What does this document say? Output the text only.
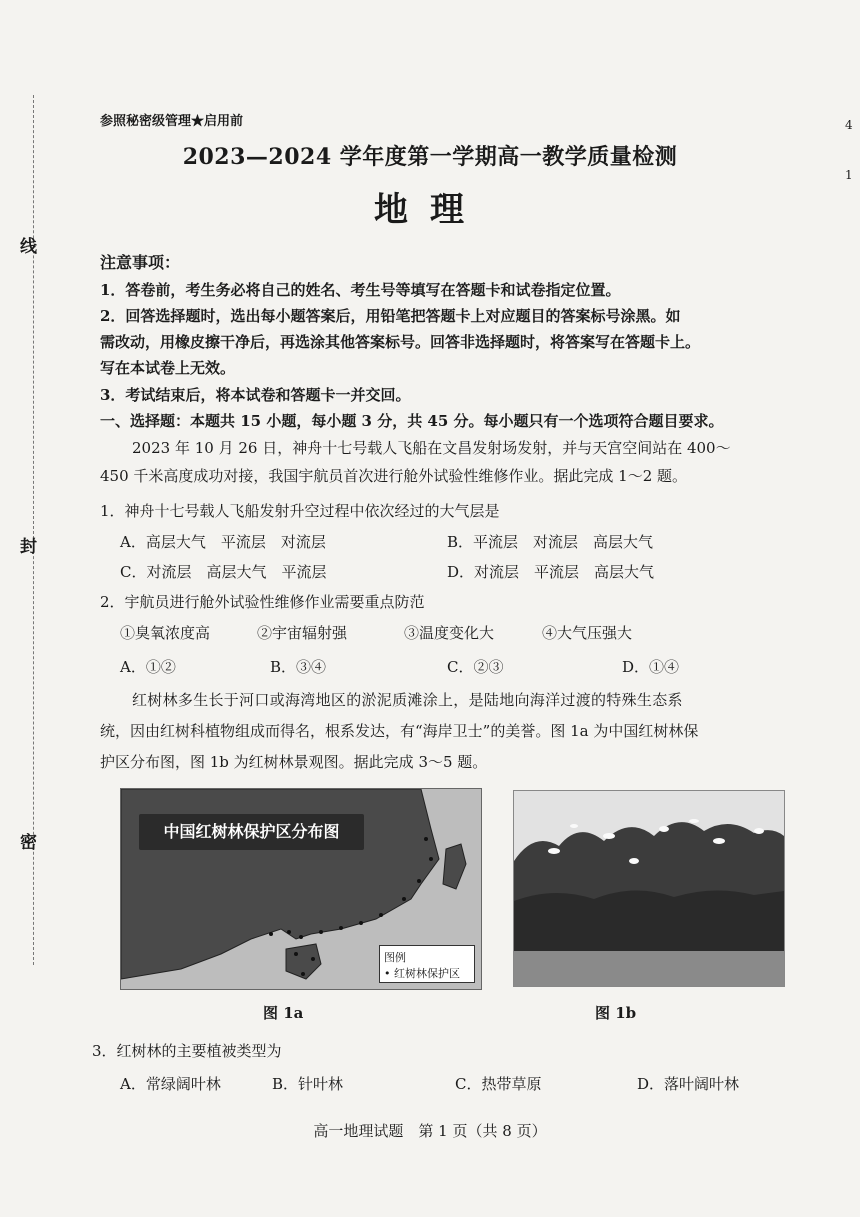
线
封
密
4
1
参照秘密级管理★启用前
2023—2024 学年度第一学期高一教学质量检测
地理
注意事项：
1．答卷前，考生务必将自己的姓名、考生号等填写在答题卡和试卷指定位置。
2．回答选择题时，选出每小题答案后，用铅笔把答题卡上对应题目的答案标号涂黑。如
需改动，用橡皮擦干净后，再选涂其他答案标号。回答非选择题时，将答案写在答题卡上。
写在本试卷上无效。
3．考试结束后，将本试卷和答题卡一并交回。
一、选择题：本题共 15 小题，每小题 3 分，共 45 分。每小题只有一个选项符合题目要求。
2023 年 10 月 26 日，神舟十七号载人飞船在文昌发射场发射，并与天宫空间站在 400～
450 千米高度成功对接，我国宇航员首次进行舱外试验性维修作业。据此完成 1～2 题。
1．神舟十七号载人飞船发射升空过程中依次经过的大气层是
A．高层大气　平流层　对流层	B．平流层　对流层　高层大气
C．对流层　高层大气　平流层	D．对流层　平流层　高层大气
2．宇航员进行舱外试验性维修作业需要重点防范
①臭氧浓度高	②宇宙辐射强	③温度变化大	④大气压强大
A．①②	B．③④	C．②③	D．①④
红树林多生长于河口或海湾地区的淤泥质滩涂上，是陆地向海洋过渡的特殊生态系
统，因由红树科植物组成而得名，根系发达，有“海岸卫士”的美誉。图 1a 为中国红树林保
护区分布图，图 1b 为红树林景观图。据此完成 3～5 题。
中国红树林保护区分布图
图例
• 红树林保护区
图 1a	图 1b
3．红树林的主要植被类型为
A．常绿阔叶林	B．针叶林	C．热带草原	D．落叶阔叶林
高一地理试题　第 1 页（共 8 页）
